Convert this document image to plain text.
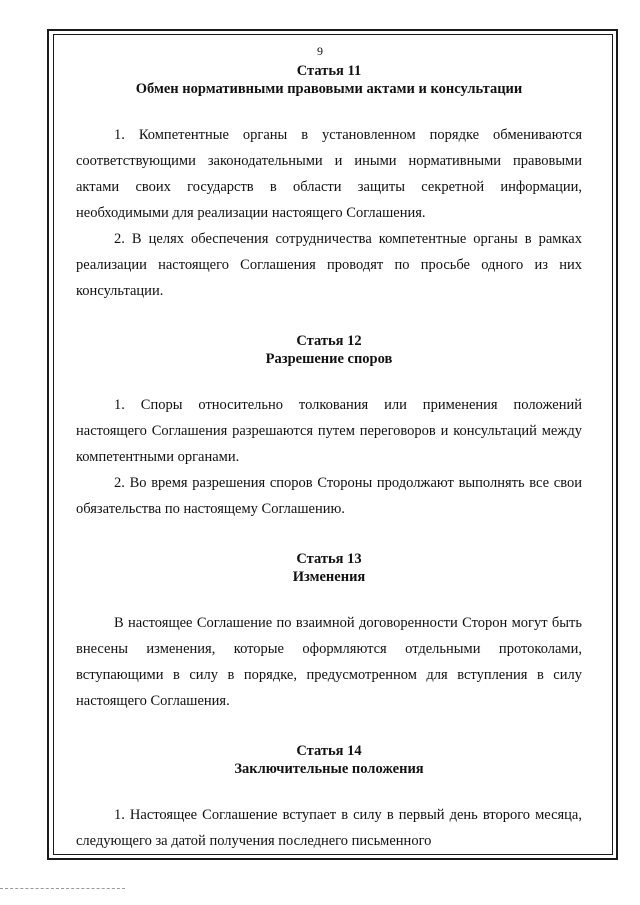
9

Статья 11

Обмен нормативными правовыми актами и консультации

1. Компетентные органы в установленном порядке обмениваются соответствующими законодательными и иными нормативными правовыми актами своих государств в области защиты секретной информации, необходимыми для реализации настоящего Соглашения.

2. В целях обеспечения сотрудничества компетентные органы в рамках реализации настоящего Соглашения проводят по просьбе одного из них консультации.

Статья 12

Разрешение споров

1. Споры относительно толкования или применения положений настоящего Соглашения разрешаются путем переговоров и консультаций между компетентными органами.

2. Во время разрешения споров Стороны продолжают выполнять все свои обязательства по настоящему Соглашению.

Статья 13

Изменения

В настоящее Соглашение по взаимной договоренности Сторон могут быть внесены изменения, которые оформляются отдельными протоколами, вступающими в силу в порядке, предусмотренном для вступления в силу настоящего Соглашения.

Статья 14

Заключительные положения

1. Настоящее Соглашение вступает в силу в первый день второго месяца, следующего за датой получения последнего письменного
